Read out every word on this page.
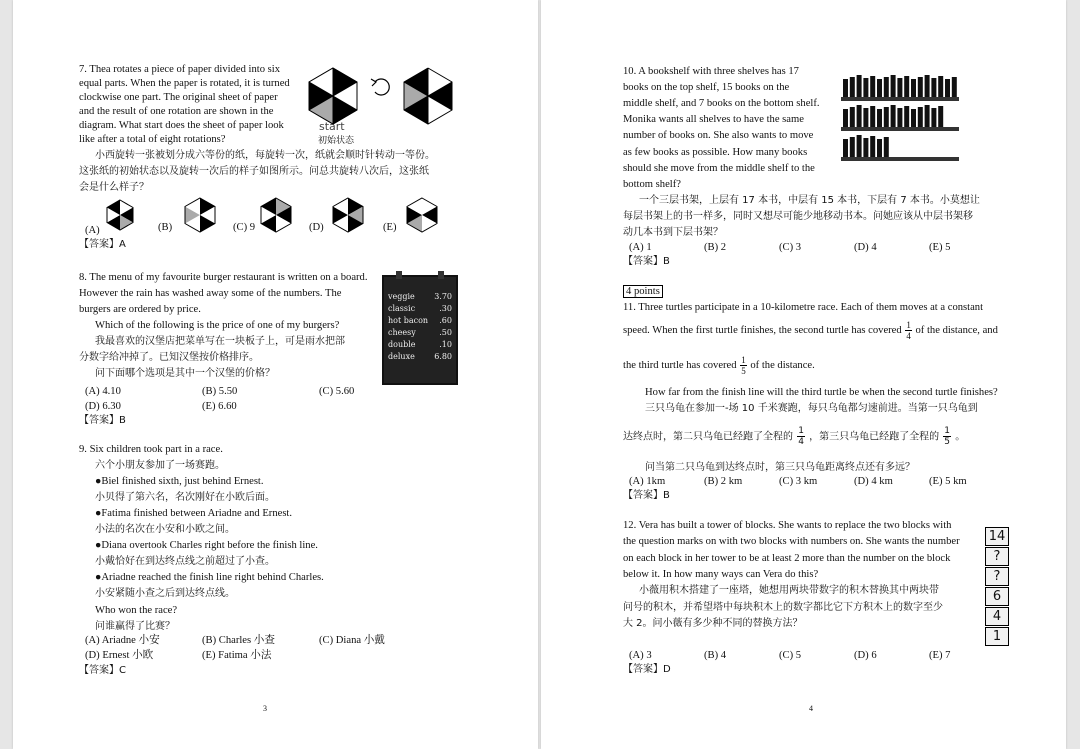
7. Thea rotates a piece of paper divided into six
equal parts. When the paper is rotated, it is turned
clockwise one part. The original sheet of paper
and the result of one rotation are shown in the
diagram. What start does the sheet of paper look
like after a total of eight rotations?
start
初始状态
小西旋转一张被划分成六等份的纸，每旋转一次，纸就会顺时针转动一等份。
这张纸的初始状态以及旋转一次后的样子如图所示。问总共旋转八次后，这张纸
会是什么样子？
(A)	(B)	(C) 9	(D)	(E)
【答案】A
8. The menu of my favourite burger restaurant is written on a board.
However the rain has washed away some of the numbers. The
burgers are ordered by price.
Which of the following is the price of one of my burgers?
我最喜欢的汉堡店把菜单写在一块板子上，可是雨水把部
分数字给冲掉了。已知汉堡按价格排序。
问下面哪个选项是其中一个汉堡的价格？
veggie 3.70
classic	.30
hot bacon .60
cheesy	.50
double	.10
deluxe 6.80
(A) 4.10	(B) 5.50	(C) 5.60
(D) 6.30	(E) 6.60
【答案】B
9. Six children took part in a race.
六个小朋友参加了一场赛跑。
●Biel finished sixth, just behind Ernest.
小贝得了第六名，名次刚好在小欧后面。
●Fatima finished between Ariadne and Ernest.
小法的名次在小安和小欧之间。
●Diana overtook Charles right before the finish line.
小戴恰好在到达终点线之前超过了小查。
●Ariadne reached the finish line right behind Charles.
小安紧随小查之后到达终点线。
Who won the race?
问谁赢得了比赛？
(A) Ariadne 小安	(B) Charles 小查	(C) Diana 小戴
(D) Ernest 小欧	(E) Fatima 小法
【答案】C
3
10. A bookshelf with three shelves has 17
books on the top shelf, 15 books on the
middle shelf, and 7 books on the bottom shelf.
Monika wants all shelves to have the same
number of books on. She also wants to move
as few books as possible. How many books
should she move from the middle shelf to the
bottom shelf?
一个三层书架，上层有 17 本书，中层有 15 本书，下层有 7 本书。小莫想让
每层书架上的书一样多，同时又想尽可能少地移动书本。问她应该从中层书架移
动几本书到下层书架？
(A) 1	(B) 2	(C) 3	(D) 4	(E) 5
【答案】B
4 points
11. Three turtles participate in a 10-kilometre race. Each of them moves at a constant
speed. When the first turtle finishes, the second turtle has covered $\frac{1}{4}$ of the distance, and
the third turtle has covered $\frac{1}{5}$ of the distance.
How far from the finish line will the third turtle be when the second turtle finishes?
三只乌龟在参加一-场 10 千米赛跑，每只乌龟都匀速前进。当第一只乌龟到
达终点时，第二只乌龟已经跑了全程的 $\frac{1}{4}$ ，第三只乌龟已经跑了全程的 $\frac{1}{5}$ 。
问当第二只乌龟到达终点时，第三只乌龟距离终点还有多远？
(A) 1km	(B) 2 km	(C) 3 km	(D) 4 km	(E) 5 km
【答案】B
12. Vera has built a tower of blocks. She wants to replace the two blocks with
the question marks on with two blocks with numbers on. She wants the number
on each block in her tower to be at least 2 more than the number on the block
below it. In how many ways can Vera do this?
小薇用积木搭建了一座塔，她想用两块带数字的积木替换其中两块带
问号的积木，并希望塔中每块积木上的数字都比它下方积木上的数字至少
大 2。问小薇有多少种不同的替换方法？
14
?
?
6
4
1
(A) 3	(B) 4	(C) 5	(D) 6	(E) 7
【答案】D
4
